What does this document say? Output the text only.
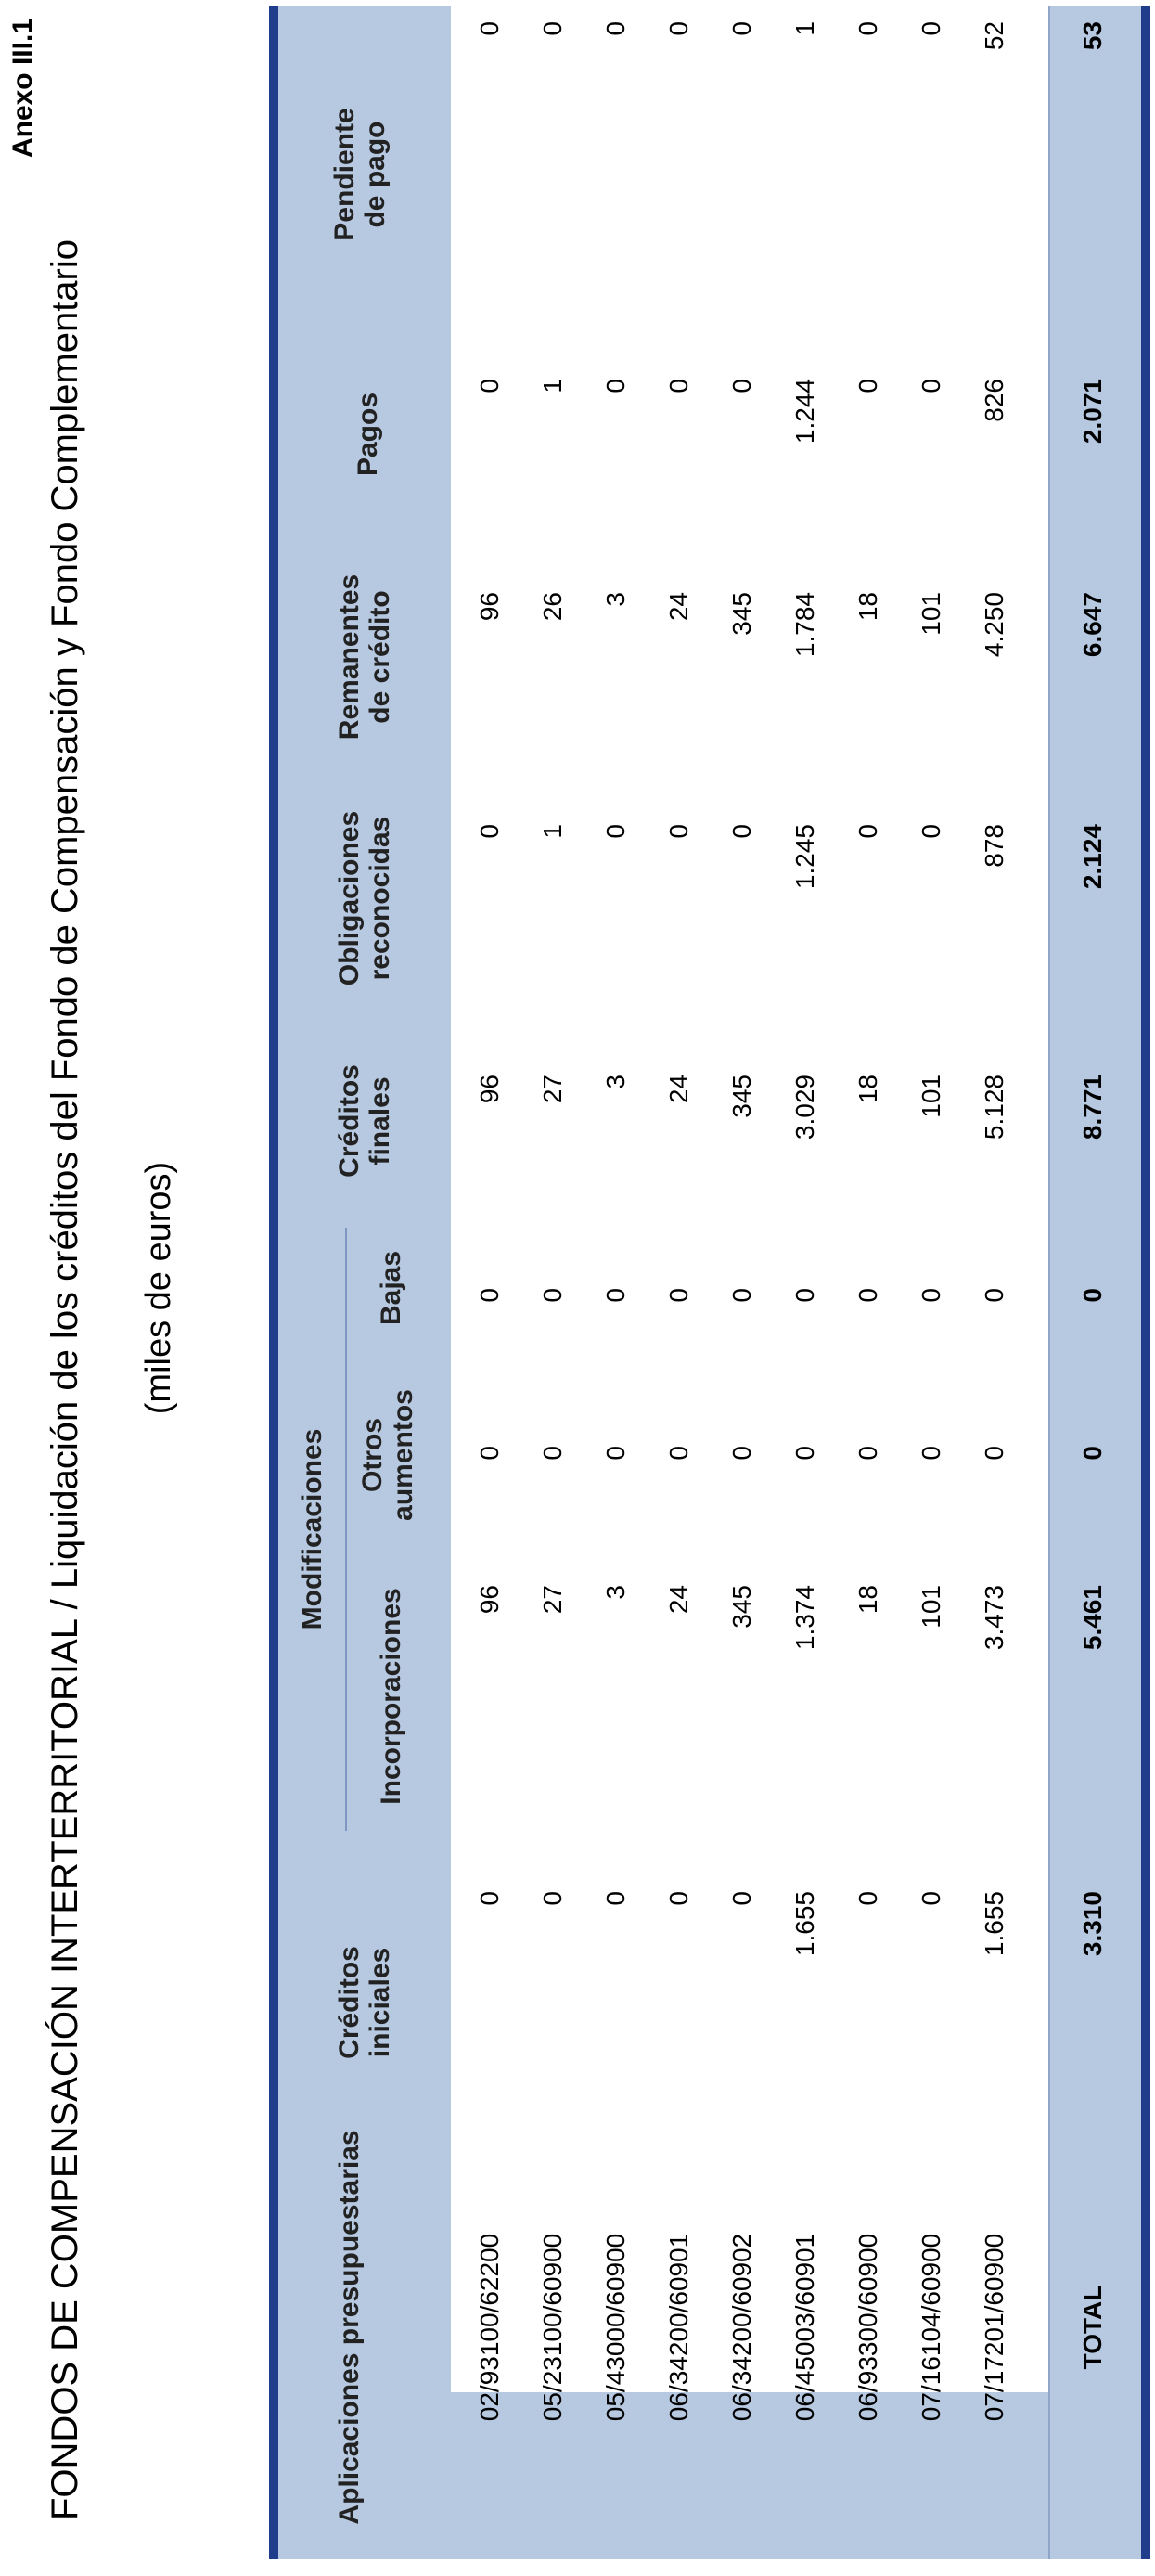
Anexo III.1
FONDOS DE COMPENSACIÓN INTERTERRITORIAL / Liquidación de los créditos del Fondo de Compensación y Fondo Complementario (miles de euros)
Aplicaciones presupuestarias
Créditos iniciales
Modificaciones
Incorporaciones
Otros aumentos
Bajas
Créditos finales
Obligaciones reconocidas
Remanentes de crédito
Pagos
Pendiente de pago
02/93100/62200
0
96
0
0
96
0
96
0
0
05/23100/60900
0
27
0
0
27
1
26
1
0
05/43000/60900
0
3
0
0
3
0
3
0
0
06/34200/60901
0
24
0
0
24
0
24
0
0
06/34200/60902
0
345
0
0
345
0
345
0
0
06/45003/60901
1.655
1.374
0
0
3.029
1.245
1.784
1.244
1
06/93300/60900
0
18
0
0
18
0
18
0
0
07/16104/60900
0
101
0
0
101
0
101
0
0
07/17201/60900
1.655
3.473
0
0
5.128
878
4.250
826
52
TOTAL
3.310
5.461
0
0
8.771
2.124
6.647
2.071
53
